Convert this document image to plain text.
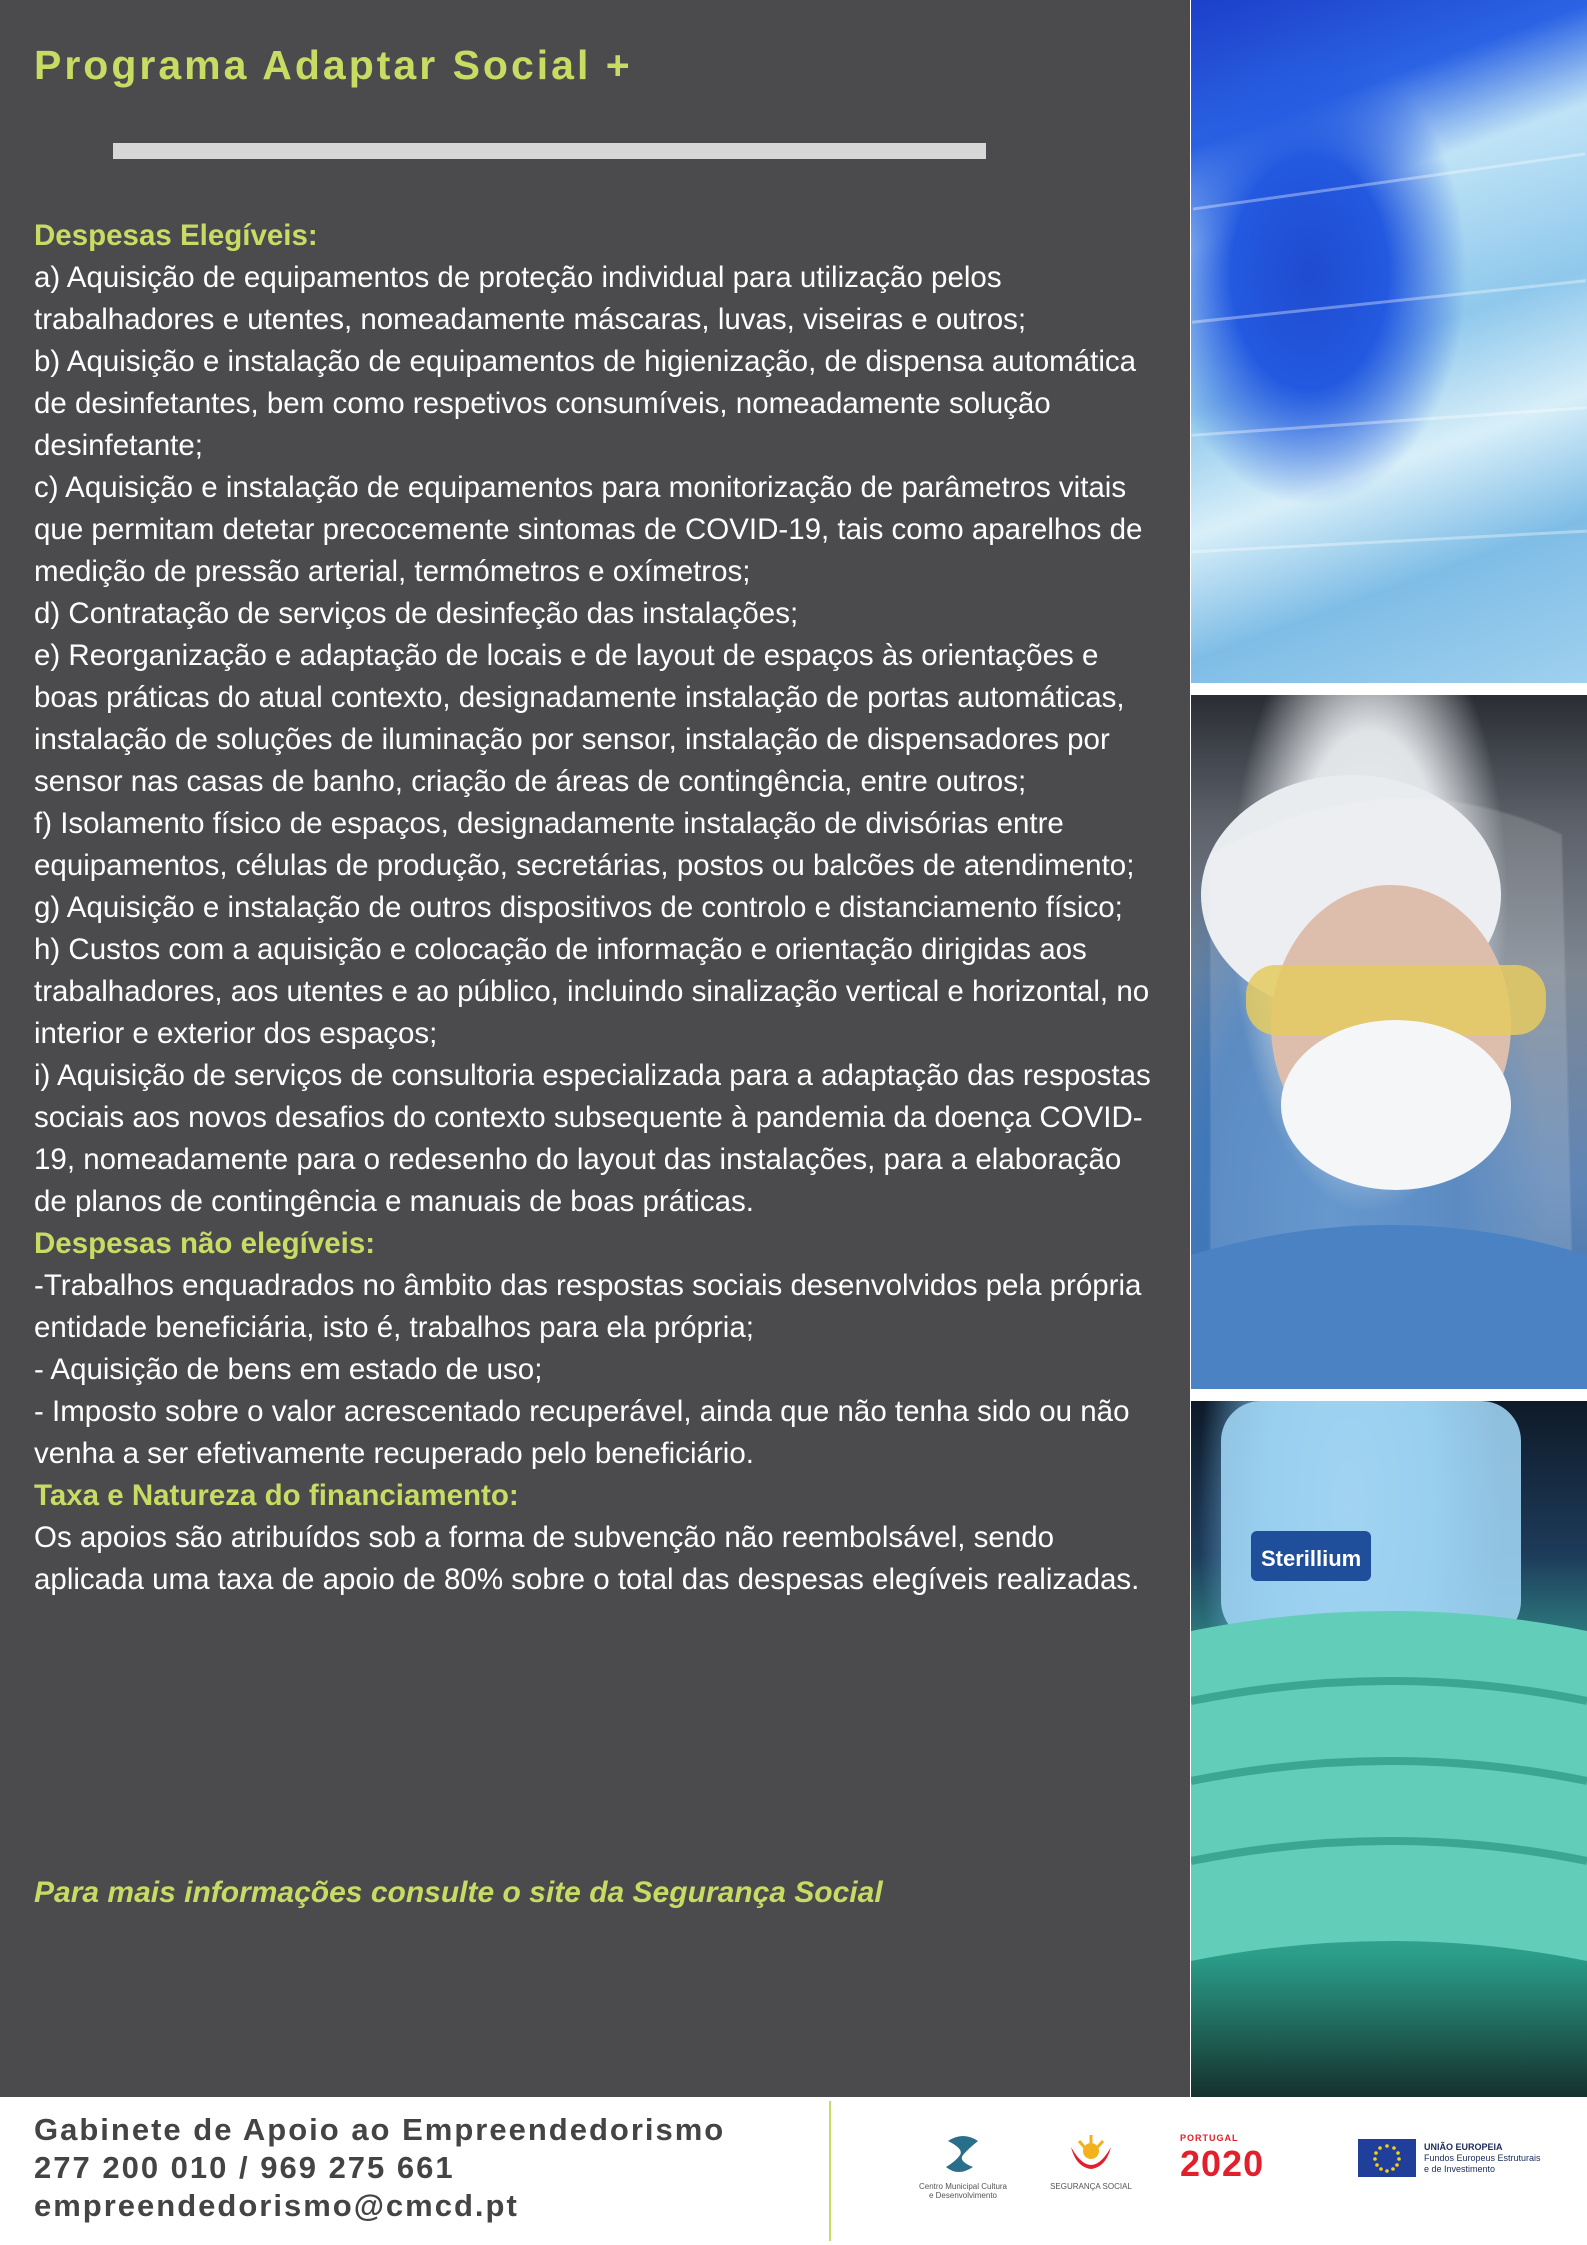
Programa Adaptar Social +
Despesas Elegíveis:

a) Aquisição de equipamentos de proteção individual para utilização pelos trabalhadores e utentes, nomeadamente máscaras, luvas, viseiras e outros;

b) Aquisição e instalação de equipamentos de higienização, de dispensa automática de desinfetantes, bem como respetivos consumíveis, nomeadamente solução desinfetante;

c) Aquisição e instalação de equipamentos para monitorização de parâmetros vitais que permitam detetar precocemente sintomas de COVID-19, tais como aparelhos de medição de pressão arterial, termómetros e oxímetros;

d) Contratação de serviços de desinfeção das instalações;

e) Reorganização e adaptação de locais e de layout de espaços às orientações e boas práticas do atual contexto, designadamente instalação de portas automáticas, instalação de soluções de iluminação por sensor, instalação de dispensadores por sensor nas casas de banho, criação de áreas de contingência, entre outros;

f) Isolamento físico de espaços, designadamente instalação de divisórias entre equipamentos, células de produção, secretárias, postos ou balcões de atendimento;

g) Aquisição e instalação de outros dispositivos de controlo e distanciamento físico;

h) Custos com a aquisição e colocação de informação e orientação dirigidas aos trabalhadores, aos utentes e ao público, incluindo sinalização vertical e horizontal, no interior e exterior dos espaços;

i) Aquisição de serviços de consultoria especializada para a adaptação das respostas sociais aos novos desafios do contexto subsequente à pandemia da doença COVID-19, nomeadamente para o redesenho do layout das instalações, para a elaboração de planos de contingência e manuais de boas práticas.

Despesas não elegíveis:

-Trabalhos enquadrados no âmbito das respostas sociais desenvolvidos pela própria entidade beneficiária, isto é, trabalhos para ela própria;

- Aquisição de bens em estado de uso;

- Imposto sobre o valor acrescentado recuperável, ainda que não tenha sido ou não venha a ser efetivamente recuperado pelo beneficiário.

Taxa e Natureza do financiamento:

Os apoios são atribuídos sob a forma de subvenção não reembolsável, sendo aplicada uma taxa de apoio de 80% sobre o total das despesas elegíveis realizadas.

Para mais informações consulte o site da Segurança Social

Sterillium
Gabinete de Apoio ao Empreendedorismo
277 200 010 / 969 275 661
empreendedorismo@cmcd.pt
Centro Municipal Cultura e Desenvolvimento
SEGURANÇA SOCIAL
PORTUGAL
2020	UNIÃO EUROPEIA
Fundos Europeus Estruturais
e de Investimento
